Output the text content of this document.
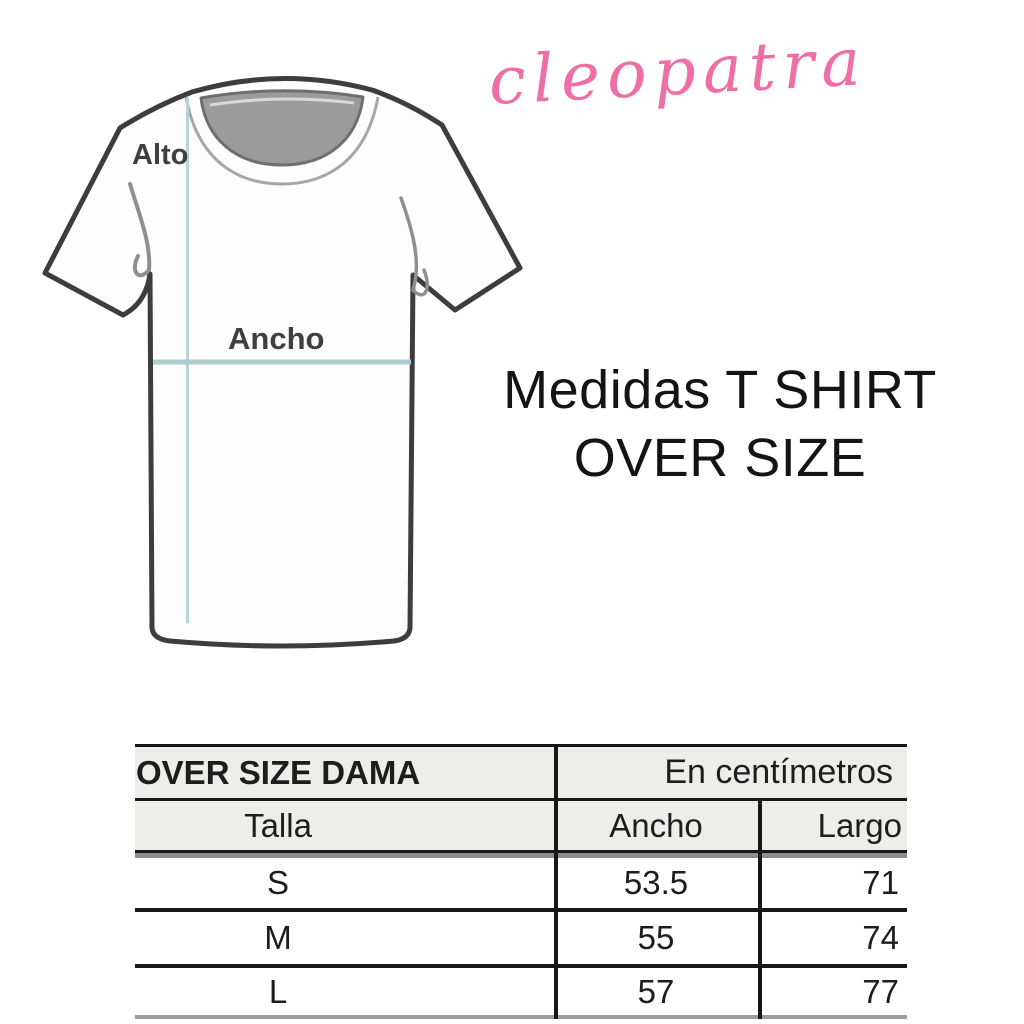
cleopatra
Alto
Ancho
Medidas T SHIRT
OVER SIZE
OVER SIZE DAMA	En centímetros
Talla	Ancho	Largo
S	53.5	71
M	55	74
L	57	77
